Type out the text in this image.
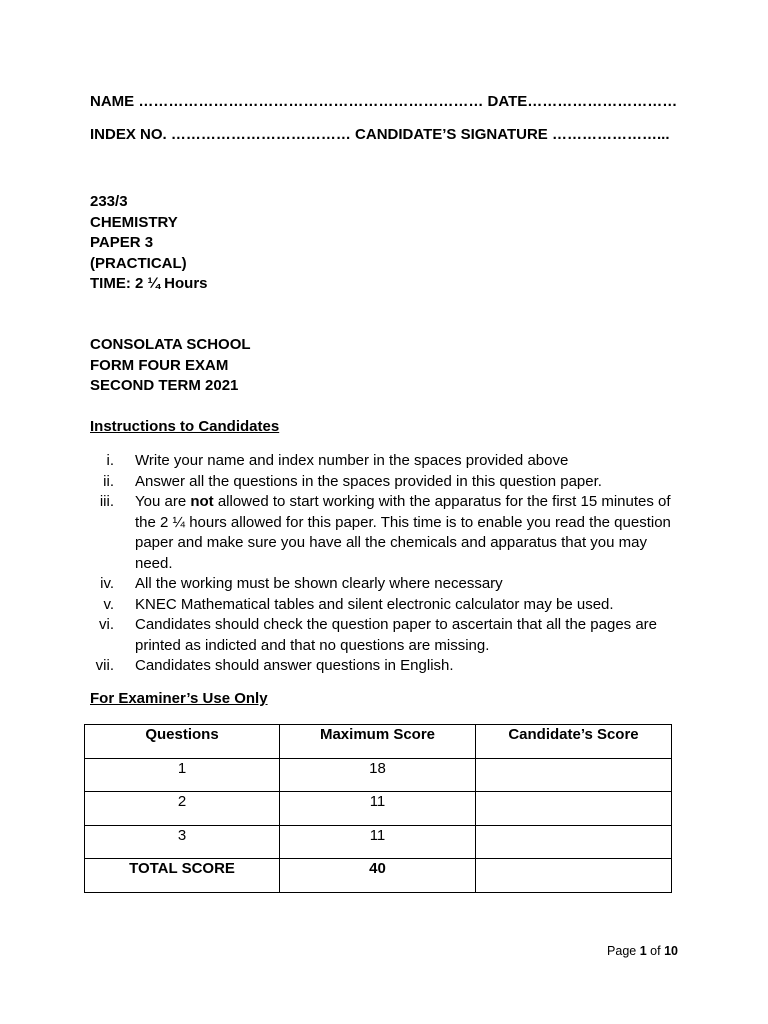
NAME …………………………………………………………… DATE…………………………
INDEX NO. ……………………………… CANDIDATE’S SIGNATURE …………………...
233/3
CHEMISTRY
PAPER 3
(PRACTICAL)
TIME: 2 ¼ Hours
CONSOLATA SCHOOL
FORM FOUR EXAM
SECOND TERM 2021
Instructions to Candidates
i. Write your name and index number in the spaces provided above
ii. Answer all the questions in the spaces provided in this question paper.
iii. You are not allowed to start working with the apparatus for the first 15 minutes of the 2 ¼ hours allowed for this paper. This time is to enable you read the question paper and make sure you have all the chemicals and apparatus that you may need.
iv. All the working must be shown clearly where necessary
v. KNEC Mathematical tables and silent electronic calculator may be used.
vi. Candidates should check the question paper to ascertain that all the pages are printed as indicted and that no questions are missing.
vii. Candidates should answer questions in English.
For Examiner’s Use Only
Questions	Maximum Score	Candidate’s Score
1	18	
2	11	
3	11	
TOTAL SCORE	40	
Page 1 of 10
